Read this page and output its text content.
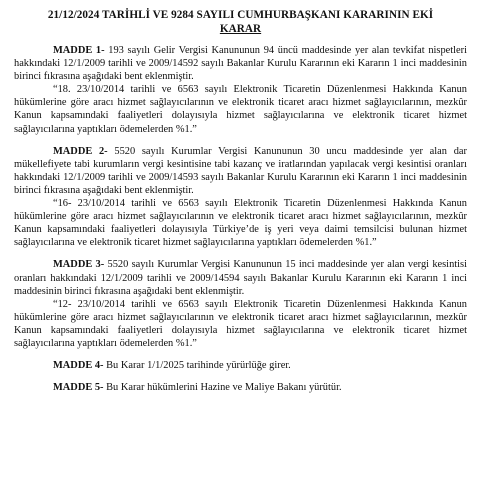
21/12/2024 TARİHLİ VE 9284 SAYILI CUMHURBAŞKANI KARARININ EKİ
KARAR

MADDE 1- 193 sayılı Gelir Vergisi Kanununun 94 üncü maddesinde yer alan tevkifat nispetleri hakkındaki 12/1/2009 tarihli ve 2009/14592 sayılı Bakanlar Kurulu Kararının eki Kararın 1 inci maddesinin birinci fıkrasına aşağıdaki bent eklenmiştir.

“18. 23/10/2014 tarihli ve 6563 sayılı Elektronik Ticaretin Düzenlenmesi Hakkında Kanun hükümlerine göre aracı hizmet sağlayıcılarının ve elektronik ticaret aracı hizmet sağlayıcılarının, mezkûr Kanun kapsamındaki faaliyetleri dolayısıyla hizmet sağlayıcılarına ve elektronik ticaret hizmet sağlayıcılarına yaptıkları ödemelerden %1.”

MADDE 2- 5520 sayılı Kurumlar Vergisi Kanununun 30 uncu maddesinde yer alan dar mükellefiyete tabi kurumların vergi kesintisine tabi kazanç ve iratlarından yapılacak vergi kesintisi oranları hakkındaki 12/1/2009 tarihli ve 2009/14593 sayılı Bakanlar Kurulu Kararının eki Kararın 1 inci maddesinin birinci fıkrasına aşağıdaki bent eklenmiştir.

“16- 23/10/2014 tarihli ve 6563 sayılı Elektronik Ticaretin Düzenlenmesi Hakkında Kanun hükümlerine göre aracı hizmet sağlayıcılarının ve elektronik ticaret aracı hizmet sağlayıcılarının, mezkûr Kanun kapsamındaki faaliyetleri dolayısıyla Türkiye’de iş yeri veya daimi temsilcisi bulunan hizmet sağlayıcılarına ve elektronik ticaret hizmet sağlayıcılarına yaptıkları ödemelerden %1.”

MADDE 3- 5520 sayılı Kurumlar Vergisi Kanununun 15 inci maddesinde yer alan vergi kesintisi oranları hakkındaki 12/1/2009 tarihli ve 2009/14594 sayılı Bakanlar Kurulu Kararının eki Kararın 1 inci maddesinin birinci fıkrasına aşağıdaki bent eklenmiştir.

“12- 23/10/2014 tarihli ve 6563 sayılı Elektronik Ticaretin Düzenlenmesi Hakkında Kanun hükümlerine göre aracı hizmet sağlayıcılarının ve elektronik ticaret aracı hizmet sağlayıcılarının, mezkûr Kanun kapsamındaki faaliyetleri dolayısıyla hizmet sağlayıcılarına ve elektronik ticaret hizmet sağlayıcılarına yaptıkları ödemelerden %1.”

MADDE 4- Bu Karar 1/1/2025 tarihinde yürürlüğe girer.

MADDE 5- Bu Karar hükümlerini Hazine ve Maliye Bakanı yürütür.
